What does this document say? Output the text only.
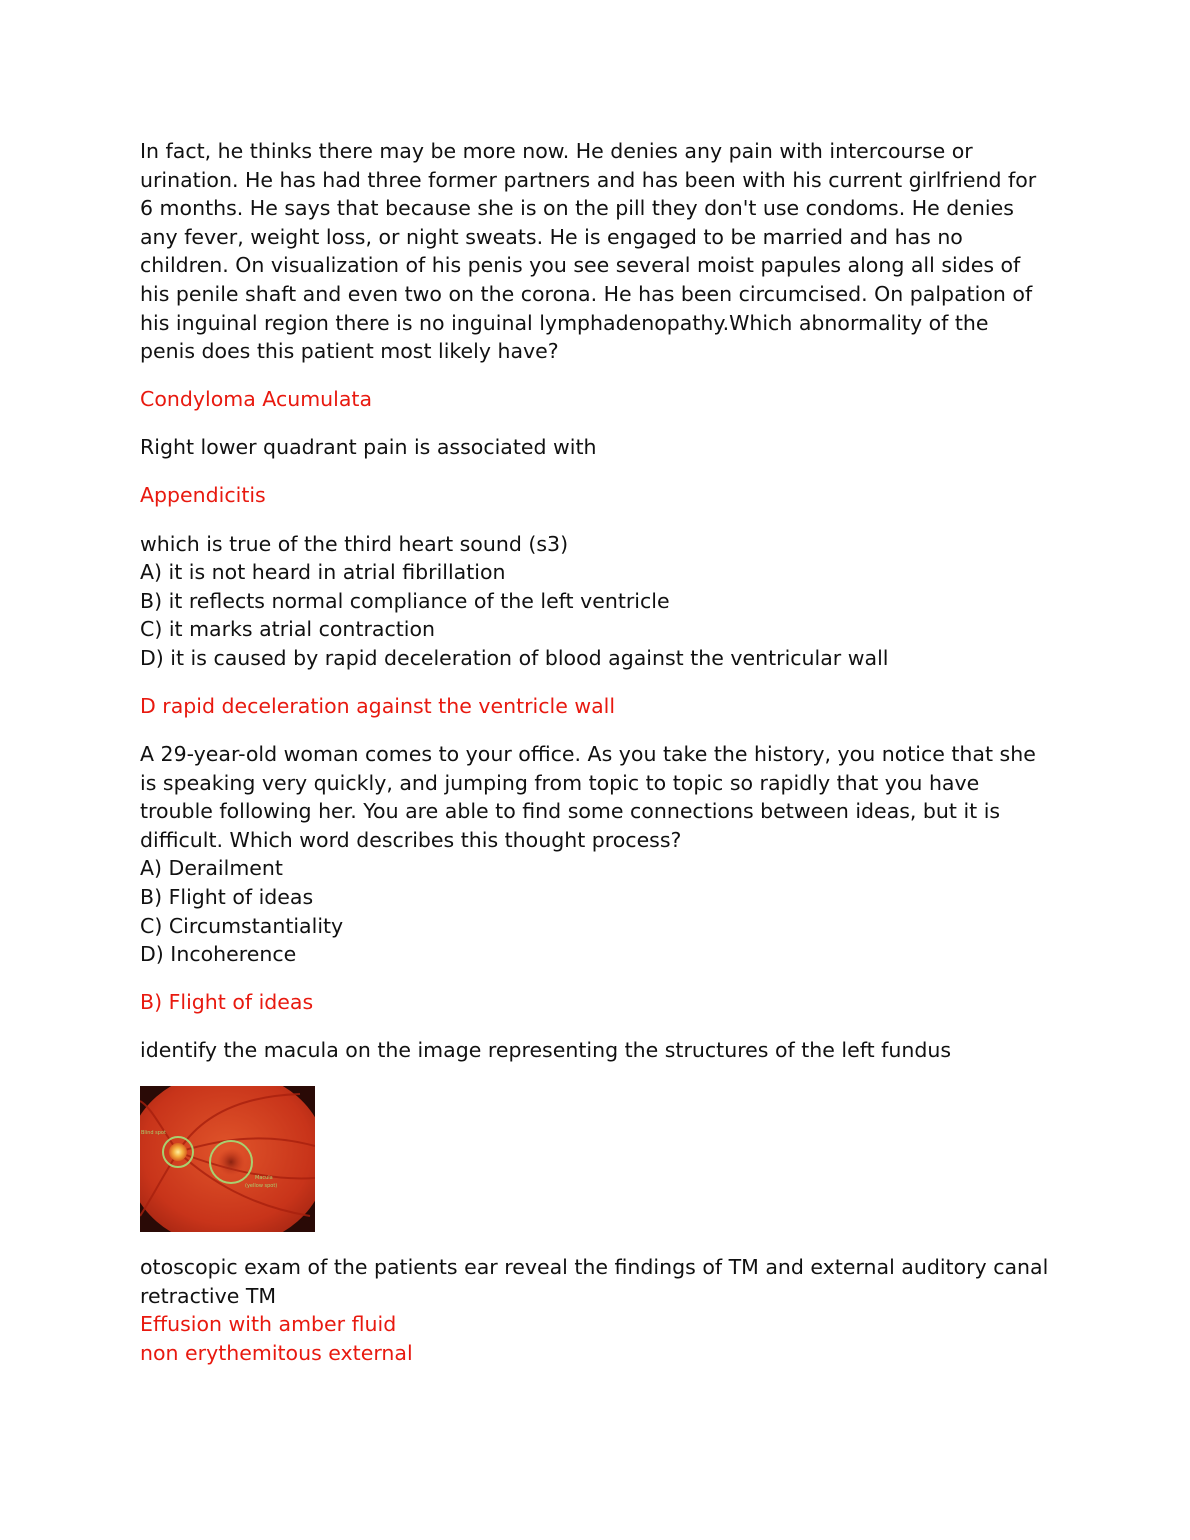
In fact, he thinks there may be more now. He denies any pain with intercourse or urination. He has had three former partners and has been with his current girlfriend for 6 months. He says that because she is on the pill they don't use condoms. He denies any fever, weight loss, or night sweats. He is engaged to be married and has no children. On visualization of his penis you see several moist papules along all sides of his penile shaft and even two on the corona. He has been circumcised. On palpation of his inguinal region there is no inguinal lymphadenopathy.Which abnormality of the penis does this patient most likely have?

Condyloma Acumulata

Right lower quadrant pain is associated with

Appendicitis

which is true of the third heart sound (s3)

A) it is not heard in atrial fibrillation

B) it reflects normal compliance of the left ventricle

C) it marks atrial contraction

D) it is caused by rapid deceleration of blood against the ventricular wall

D rapid deceleration against the ventricle wall

A 29-year-old woman comes to your office. As you take the history, you notice that she is speaking very quickly, and jumping from topic to topic so rapidly that you have trouble following her. You are able to find some connections between ideas, but it is difficult. Which word describes this thought process?

A) Derailment

B) Flight of ideas

C) Circumstantiality

D) Incoherence

B) Flight of ideas

identify the macula on the image representing the structures of the left fundus

Blind spot
Macula
(yellow spot)

otoscopic exam of the patients ear reveal the findings of TM and external auditory canal

retractive TM

Effusion with amber fluid

non erythemitous external
